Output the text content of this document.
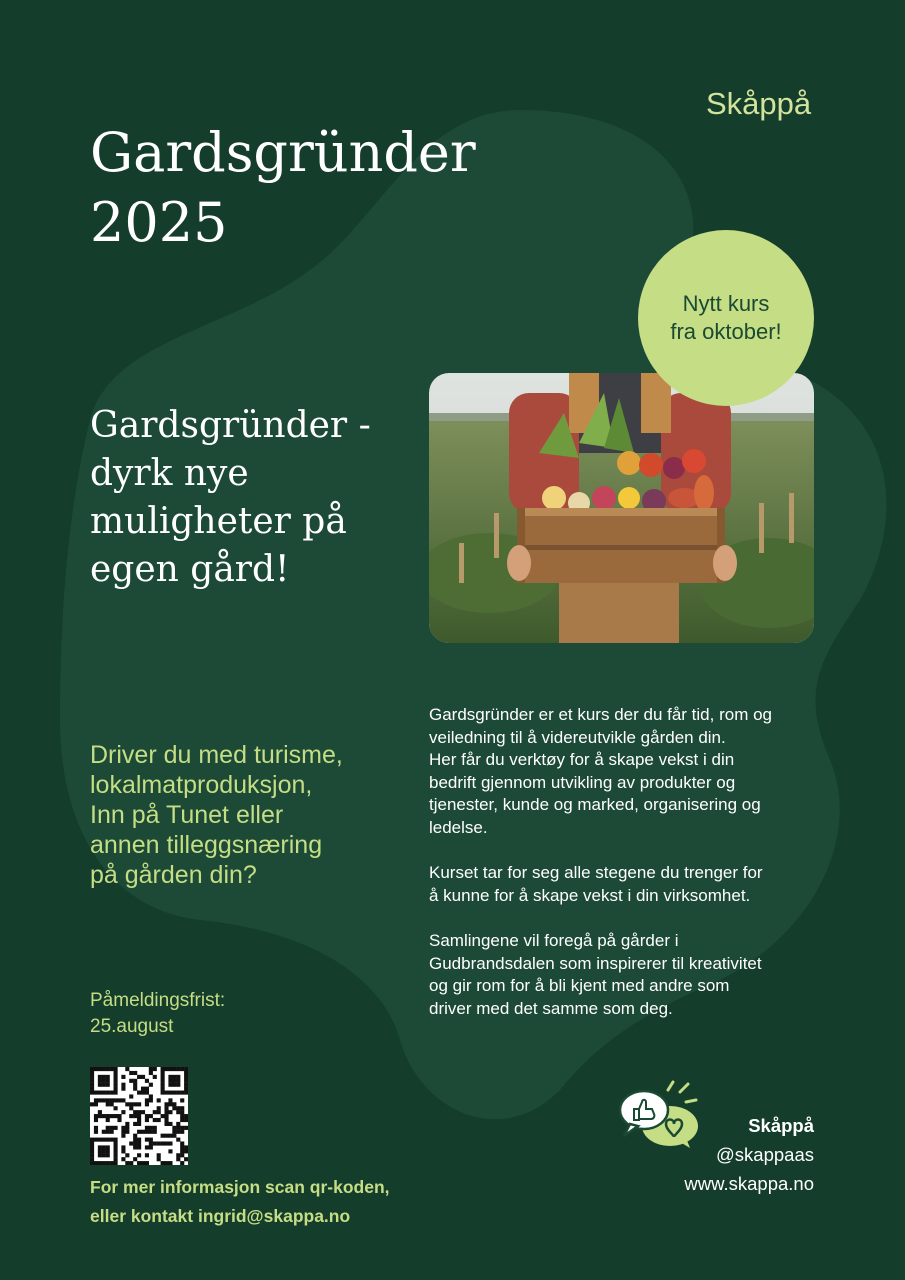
Skåppå
Gardsgründer
2025
Nytt kurs
fra oktober!
Gardsgründer -
dyrk nye
muligheter på
egen gård!

Driver du med turisme,
lokalmatproduksjon,
Inn på Tunet eller
annen tilleggsnæring
på gården din?

Gardsgründer er et kurs der du får tid, rom og
veiledning til å videreutvikle gården din.
Her får du verktøy for å skape vekst i din
bedrift gjennom utvikling av produkter og
tjenester, kunde og marked, organisering og
ledelse.

Kurset tar for seg alle stegene du trenger for
å kunne for å skape vekst i din virksomhet.

Samlingene vil foregå på gårder i
Gudbrandsdalen som inspirerer til kreativitet
og gir rom for å bli kjent med andre som
driver med det samme som deg.

Påmeldingsfrist:
25.august
For mer informasjon scan qr-koden,
eller kontakt ingrid@skappa.no
Skåppå
@skappaas
www.skappa.no
